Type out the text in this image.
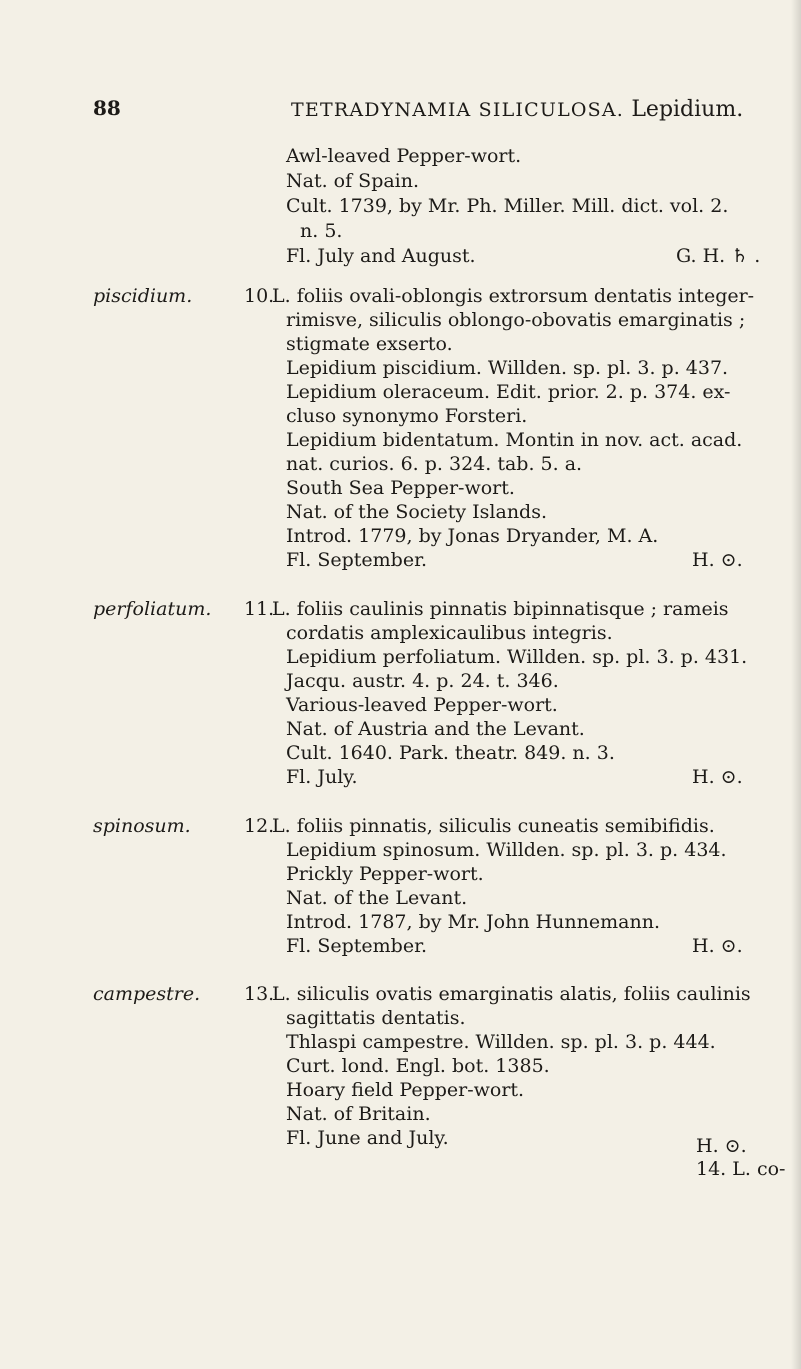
88	TETRADYNAMIA SILICULOSA. Lepidium.
Awl-leaved Pepper-wort.
Nat. of Spain.
Cult. 1739, by Mr. Ph. Miller. Mill. dict. vol. 2.
n. 5.
Fl. July and August.	G. H. ♄ .
piscidium.	10.
L. foliis ovali-oblongis extrorsum dentatis integer-
rimisve, siliculis oblongo-obovatis emarginatis ;
stigmate exserto.
Lepidium piscidium. Willden. sp. pl. 3. p. 437.
Lepidium oleraceum. Edit. prior. 2. p. 374. ex-
cluso synonymo Forsteri.
Lepidium bidentatum. Montin in nov. act. acad.
nat. curios. 6. p. 324. tab. 5. a.
South Sea Pepper-wort.
Nat. of the Society Islands.
Introd. 1779, by Jonas Dryander, M. A.
Fl. September.	H. ⊙.
perfoliatum. 11.
L. foliis caulinis pinnatis bipinnatisque ; rameis
cordatis amplexicaulibus integris.
Lepidium perfoliatum. Willden. sp. pl. 3. p. 431.
Jacqu. austr. 4. p. 24. t. 346.
Various-leaved Pepper-wort.
Nat. of Austria and the Levant.
Cult. 1640. Park. theatr. 849. n. 3.
Fl. July.	H. ⊙.
spinosum.	12.
L. foliis pinnatis, siliculis cuneatis semibifidis.
Lepidium spinosum. Willden. sp. pl. 3. p. 434.
Prickly Pepper-wort.
Nat. of the Levant.
Introd. 1787, by Mr. John Hunnemann.
Fl. September.	H. ⊙.
campestre. 13.
L. siliculis ovatis emarginatis alatis, foliis caulinis
sagittatis dentatis.
Thlaspi campestre. Willden. sp. pl. 3. p. 444.
Curt. lond. Engl. bot. 1385.
Hoary field Pepper-wort.
Nat. of Britain.
Fl. June and July.	H. ⊙.
14. L. co-
